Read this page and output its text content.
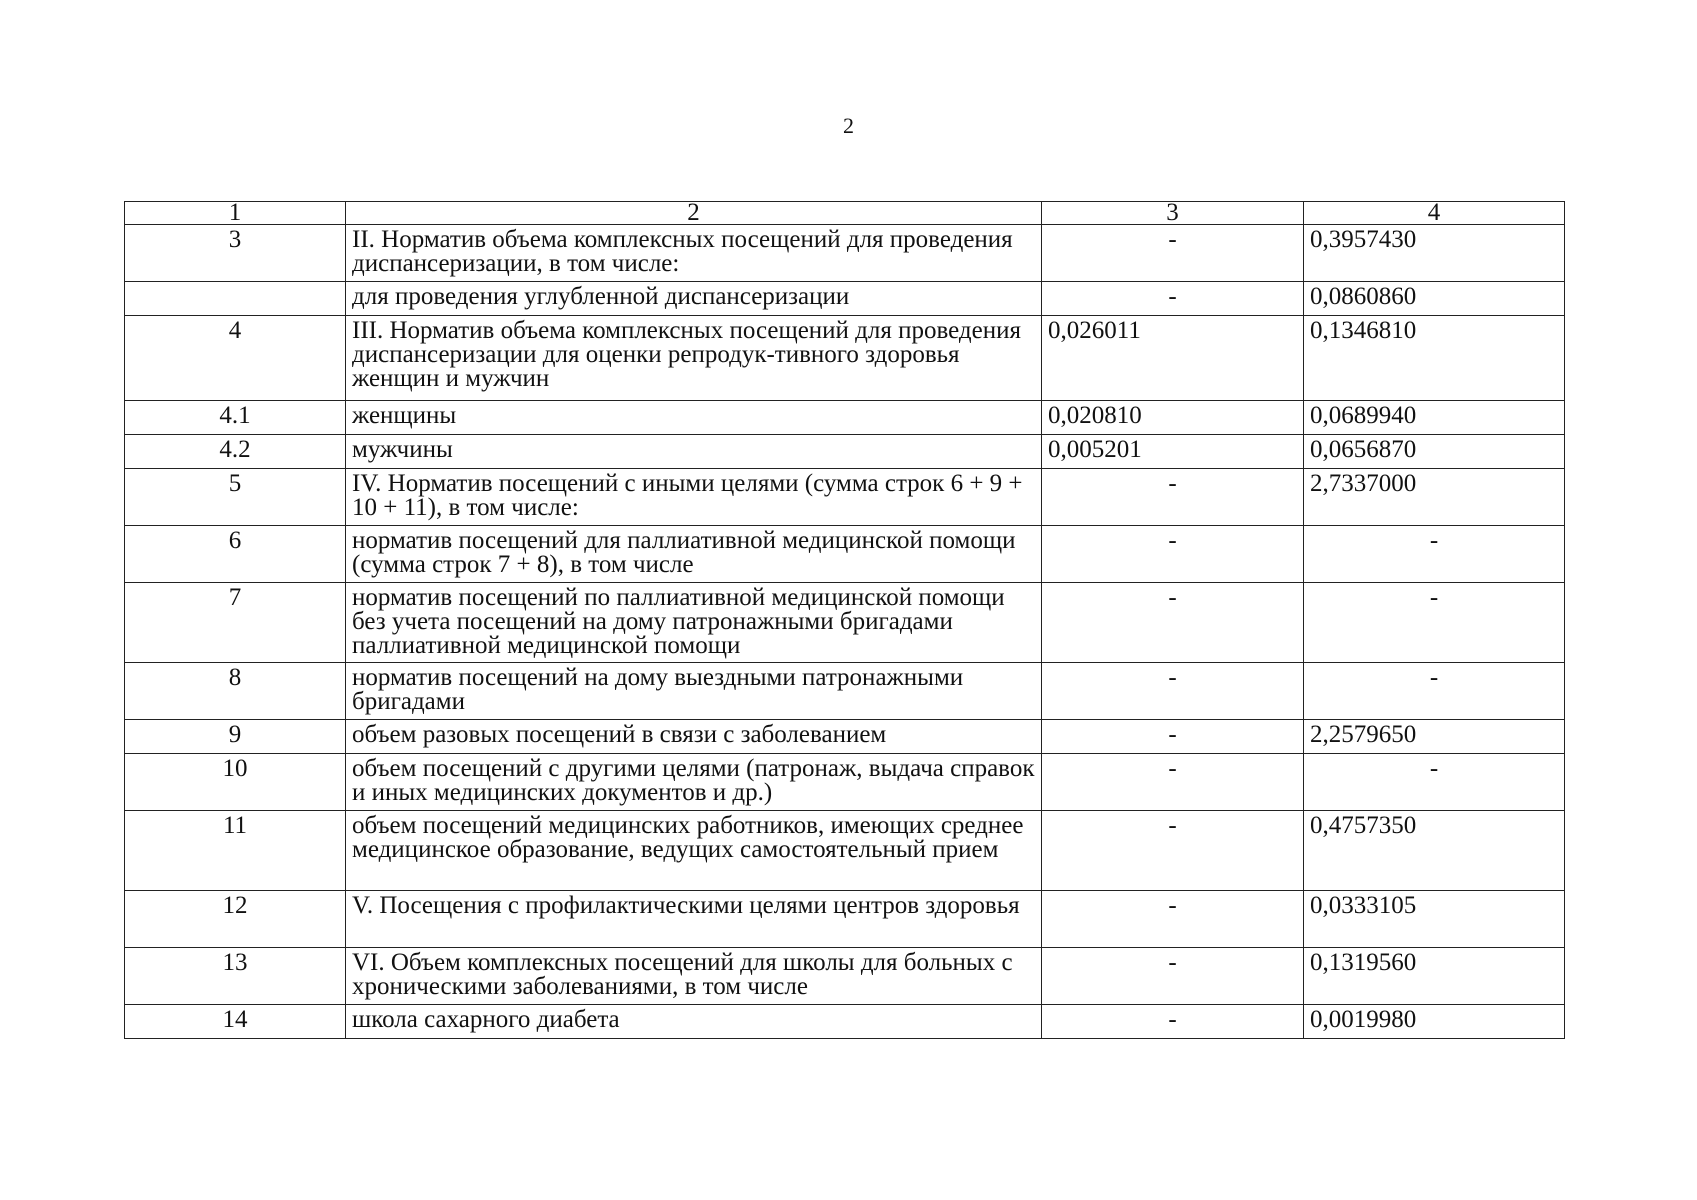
2
1	2	3	4
3	II. Норматив объема комплексных посещений для проведения диспансеризации, в том числе:	-	0,3957430
	для проведения углубленной диспансеризации	-	0,0860860
4	III. Норматив объема комплексных посещений для проведения диспансеризации для оценки репродук-тивного здоровья женщин и мужчин	0,026011	0,1346810
4.1	женщины	0,020810	0,0689940
4.2	мужчины	0,005201	0,0656870
5	IV. Норматив посещений с иными целями (сумма строк 6 + 9 + 10 + 11), в том числе:	-	2,7337000
6	норматив посещений для паллиативной медицинской помощи (сумма строк 7 + 8), в том числе	-	-
7	норматив посещений по паллиативной медицинской помощи без учета посещений на дому патронажными бригадами паллиативной медицинской помощи	-	-
8	норматив посещений на дому выездными патронажными бригадами	-	-
9	объем разовых посещений в связи с заболеванием	-	2,2579650
10	объем посещений с другими целями (патронаж, выдача справок и иных медицинских документов и др.)	-	-
11	объем посещений медицинских работников, имеющих среднее медицинское образование, ведущих самостоятельный прием	-	0,4757350
12	V. Посещения с профилактическими целями центров здоровья	-	0,0333105
13	VI. Объем комплексных посещений для школы для больных с хроническими заболеваниями, в том числе	-	0,1319560
14	школа сахарного диабета	-	0,0019980
